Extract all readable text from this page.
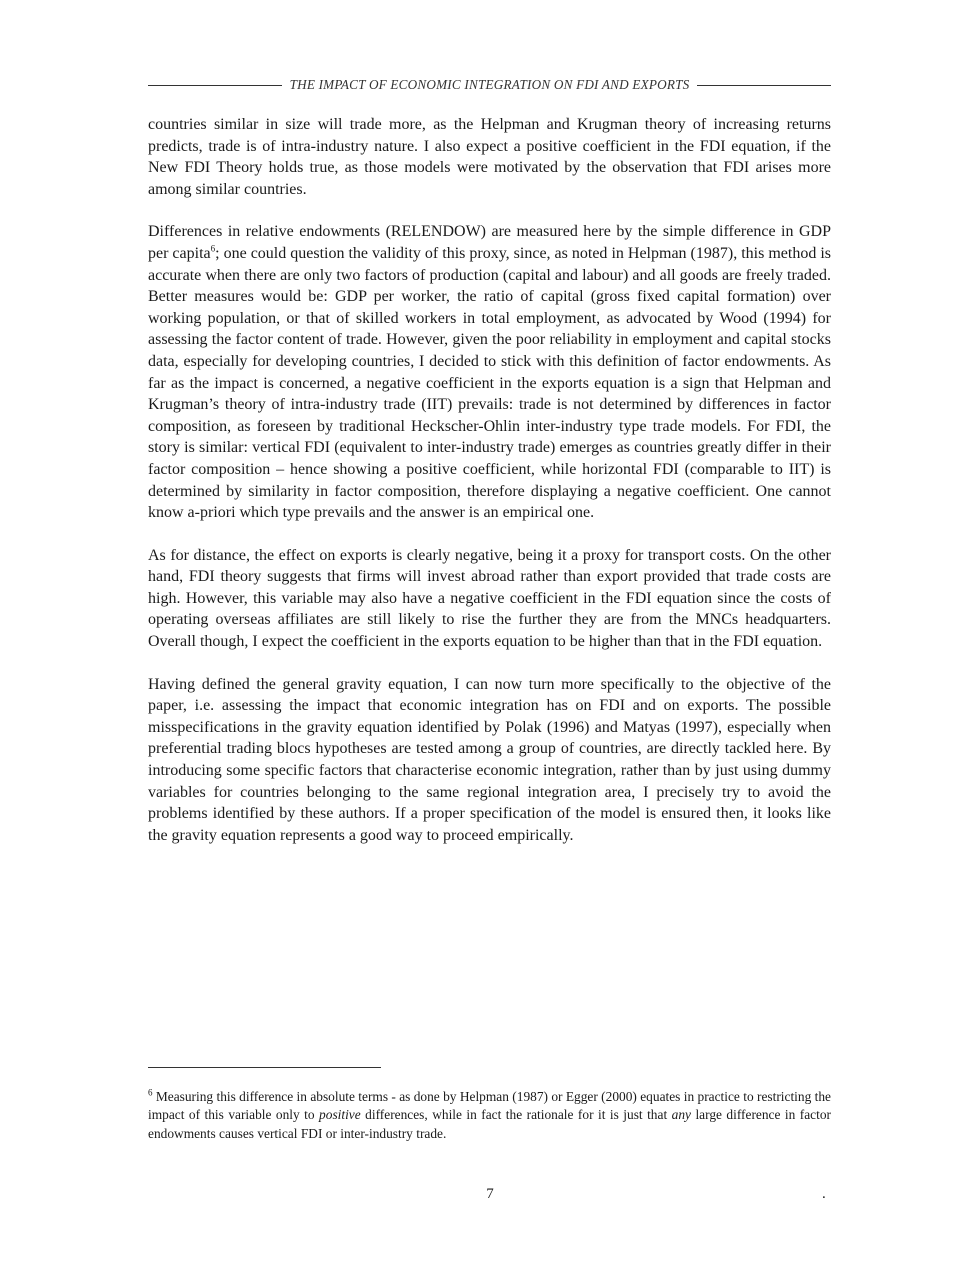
THE IMPACT OF ECONOMIC INTEGRATION ON FDI AND EXPORTS

countries similar in size will trade more, as the Helpman and Krugman theory of increasing returns predicts, trade is of intra-industry nature. I also expect a positive coefficient in the FDI equation, if the New FDI Theory holds true, as those models were motivated by the observation that FDI arises more among similar countries.

Differences in relative endowments (RELENDOW) are measured here by the simple difference in GDP per capita$^6$; one could question the validity of this proxy, since, as noted in Helpman (1987), this method is accurate when there are only two factors of production (capital and labour) and all goods are freely traded. Better measures would be: GDP per worker, the ratio of capital (gross fixed capital formation) over working population, or that of skilled workers in total employment, as advocated by Wood (1994) for assessing the factor content of trade. However, given the poor reliability in employment and capital stocks data, especially for developing countries, I decided to stick with this definition of factor endowments. As far as the impact is concerned, a negative coefficient in the exports equation is a sign that Helpman and Krugman’s theory of intra-industry trade (IIT) prevails: trade is not determined by differences in factor composition, as foreseen by traditional Heckscher-Ohlin inter-industry type trade models. For FDI, the story is similar: vertical FDI (equivalent to inter-industry trade) emerges as countries greatly differ in their factor composition – hence showing a positive coefficient, while horizontal FDI (comparable to IIT) is determined by similarity in factor composition, therefore displaying a negative coefficient. One cannot know a-priori which type prevails and the answer is an empirical one.

As for distance, the effect on exports is clearly negative, being it a proxy for transport costs. On the other hand, FDI theory suggests that firms will invest abroad rather than export provided that trade costs are high. However, this variable may also have a negative coefficient in the FDI equation since the costs of operating overseas affiliates are still likely to rise the further they are from the MNCs headquarters. Overall though, I expect the coefficient in the exports equation to be higher than that in the FDI equation.

Having defined the general gravity equation, I can now turn more specifically to the objective of the paper, i.e. assessing the impact that economic integration has on FDI and on exports. The possible misspecifications in the gravity equation identified by Polak (1996) and Matyas (1997), especially when preferential trading blocs hypotheses are tested among a group of countries, are directly tackled here. By introducing some specific factors that characterise economic integration, rather than by just using dummy variables for countries belonging to the same regional integration area, I precisely try to avoid the problems identified by these authors. If a proper specification of the model is ensured then, it looks like the gravity equation represents a good way to proceed empirically.

$^6$ Measuring this difference in absolute terms - as done by Helpman (1987) or Egger (2000) equates in practice to restricting the impact of this variable only to positive differences, while in fact the rationale for it is just that any large difference in factor endowments causes vertical FDI or inter-industry trade.

7	.
